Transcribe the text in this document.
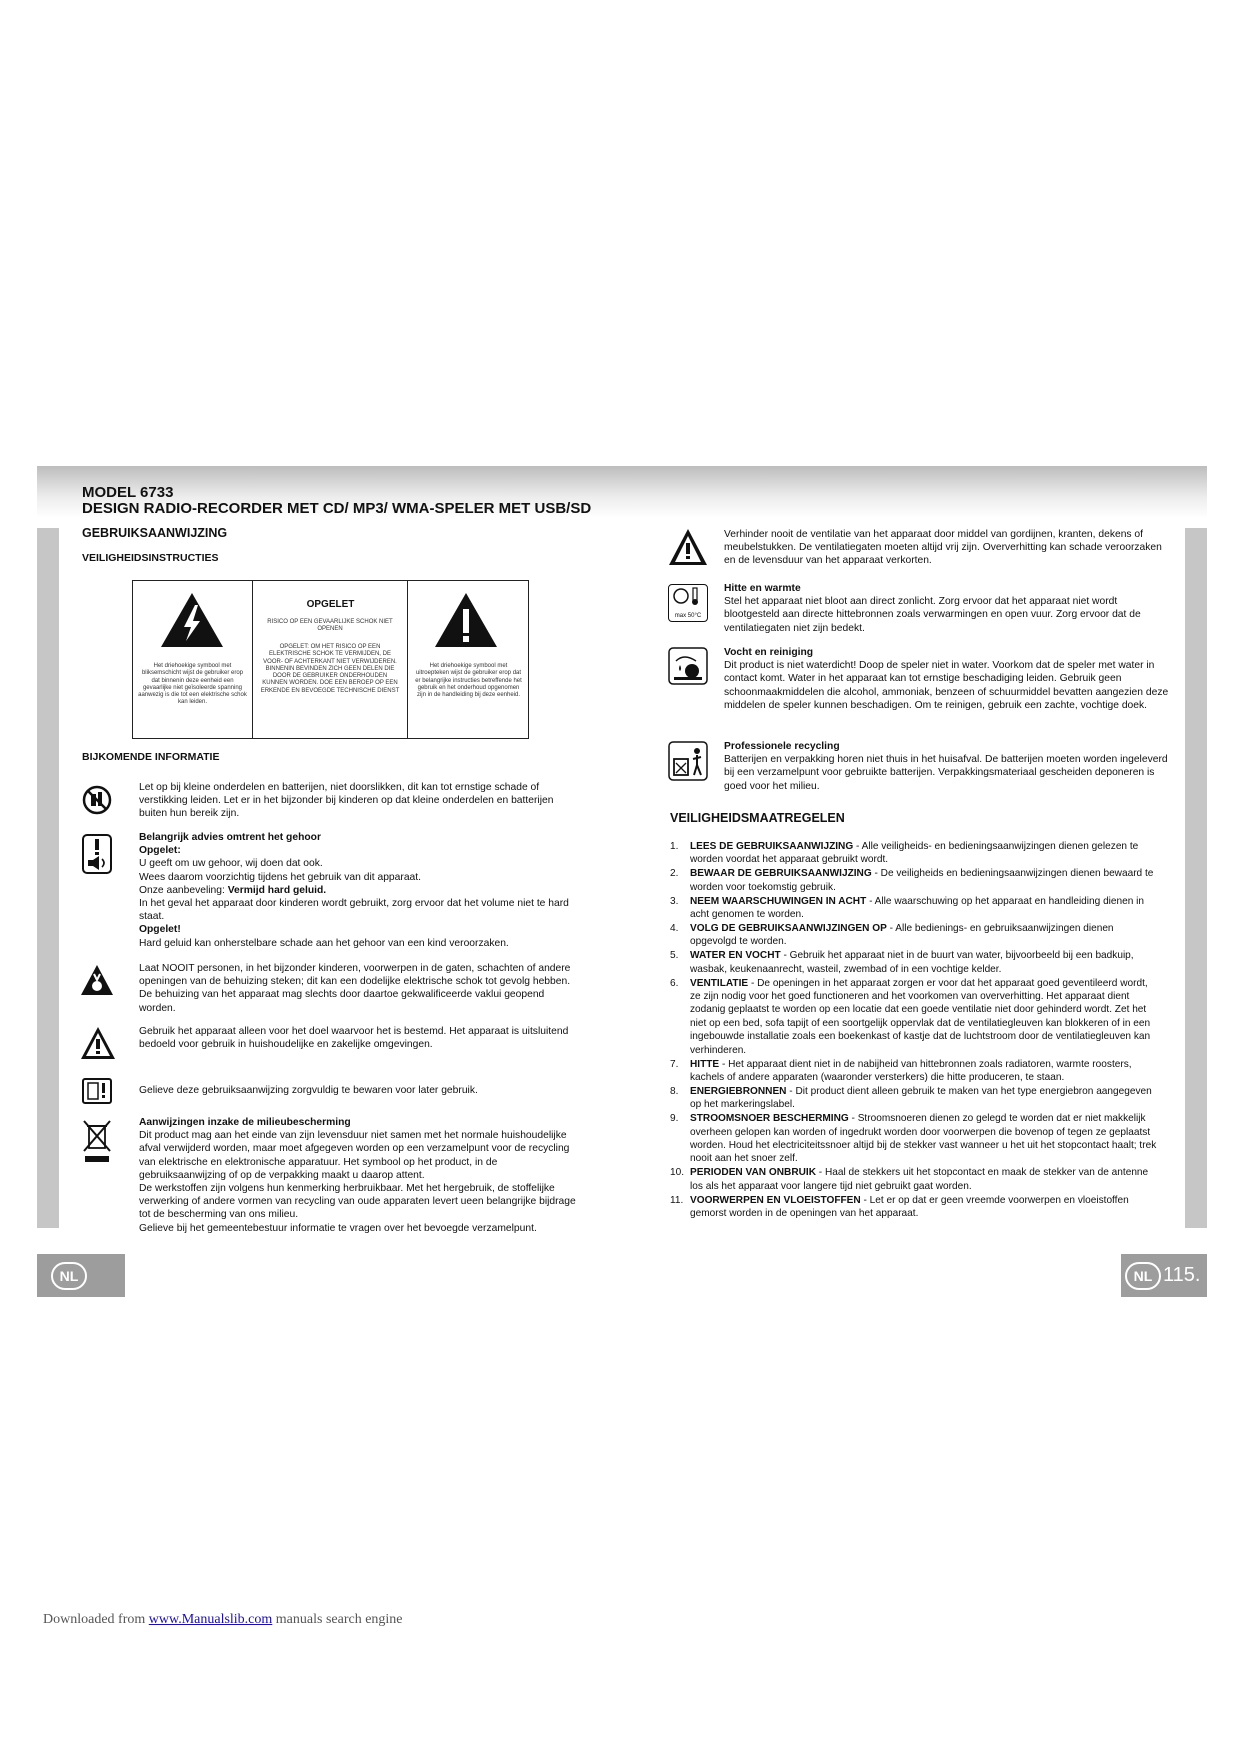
NL	NL 115.
MODEL 6733
DESIGN RADIO-RECORDER MET CD/ MP3/ WMA-SPELER MET USB/SD
GEBRUIKSAANWIJZING
VEILIGHEIDSINSTRUCTIES
Het driehoekige symbool met bliksemschicht wijst de gebruiker erop dat binnenin deze eenheid een gevaarlijke niet geïsoleerde spanning aanwezig is die tot een elektrische schok kan leiden.
OPGELET
RISICO OP EEN GEVAARLIJKE SCHOK NIET OPENEN
OPGELET: OM HET RISICO OP EEN ELEKTRISCHE SCHOK TE VERMIJDEN, DE VOOR- OF ACHTERKANT NIET VERWIJDEREN. BINNENIN BEVINDEN ZICH GEEN DELEN DIE DOOR DE GEBRUIKER ONDERHOUDEN KUNNEN WORDEN. DOE EEN BEROEP OP EEN ERKENDE EN BEVOEGDE TECHNISCHE DIENST
Het driehoekige symbool met uitroepteken wijst de gebruiker erop dat er belangrijke instructies betreffende het gebruik en het onderhoud opgenomen zijn in de handleiding bij deze eenheid.
BIJKOMENDE INFORMATIE
Let op bij kleine onderdelen en batterijen, niet doorslikken, dit kan tot ernstige schade of verstikking leiden. Let er in het bijzonder bij kinderen op dat kleine onderdelen en batterijen buiten hun bereik zijn.
Belangrijk advies omtrent het gehoor
Opgelet:
U geeft om uw gehoor, wij doen dat ook.
Wees daarom voorzichtig tijdens het gebruik van dit apparaat.
Onze aanbeveling: Vermijd hard geluid.
In het geval het apparaat door kinderen wordt gebruikt, zorg ervoor dat het volume niet te hard staat.
Opgelet!
Hard geluid kan onherstelbare schade aan het gehoor van een kind veroorzaken.
Laat NOOIT personen, in het bijzonder kinderen, voorwerpen in de gaten, schachten of andere openingen van de behuizing steken; dit kan een dodelijke elektrische schok tot gevolg hebben. De behuizing van het apparaat mag slechts door daartoe gekwalificeerde vaklui geopend worden.
Gebruik het apparaat alleen voor het doel waarvoor het is bestemd. Het apparaat is uitsluitend bedoeld voor gebruik in huishoudelijke en zakelijke omgevingen.
Gelieve deze gebruiksaanwijzing zorgvuldig te bewaren voor later gebruik.
Aanwijzingen inzake de milieubescherming
Dit product mag aan het einde van zijn levensduur niet samen met het normale huishoudelijke afval verwijderd worden, maar moet afgegeven worden op een verzamelpunt voor de recycling van elektrische en elektronische apparatuur. Het symbool op het product, in de gebruiksaanwijzing of op de verpakking maakt u daarop attent.
De werkstoffen zijn volgens hun kenmerking herbruikbaar. Met het hergebruik, de stoffelijke verwerking of andere vormen van recycling van oude apparaten levert ueen belangrijke bijdrage tot de bescherming van ons milieu.
Gelieve bij het gemeentebestuur informatie te vragen over het bevoegde verzamelpunt.
Verhinder nooit de ventilatie van het apparaat door middel van gordijnen, kranten, dekens of meubelstukken. De ventilatiegaten moeten altijd vrij zijn. Oververhitting kan schade veroorzaken en de levensduur van het apparaat verkorten.
max 50°C
Hitte en warmte
Stel het apparaat niet bloot aan direct zonlicht. Zorg ervoor dat het apparaat niet wordt blootgesteld aan directe hittebronnen zoals verwarmingen en open vuur. Zorg ervoor dat de ventilatiegaten niet zijn bedekt.
Vocht en reiniging
Dit product is niet waterdicht! Doop de speler niet in water. Voorkom dat de speler met water in contact komt. Water in het apparaat kan tot ernstige beschadiging leiden. Gebruik geen schoonmaakmiddelen die alcohol, ammoniak, benzeen of schuurmiddel bevatten aangezien deze middelen de speler kunnen beschadigen. Om te reinigen, gebruik een zachte, vochtige doek.
Professionele recycling
Batterijen en verpakking horen niet thuis in het huisafval. De batterijen moeten worden ingeleverd bij een verzamelpunt voor gebruikte batterijen. Verpakkingsmateriaal gescheiden deponeren is goed voor het milieu.
VEILIGHEIDSMAATREGELEN
1. LEES DE GEBRUIKSAANWIJZING - Alle veiligheids- en bedieningsaanwijzingen dienen gelezen te worden voordat het apparaat gebruikt wordt.
2. BEWAAR DE GEBRUIKSAANWIJZING - De veiligheids en bedieningsaanwijzingen dienen bewaard te worden voor toekomstig gebruik.
3. NEEM WAARSCHUWINGEN IN ACHT - Alle waarschuwing op het apparaat en handleiding dienen in acht genomen te worden.
4. VOLG DE GEBRUIKSAANWIJZINGEN OP - Alle bedienings- en gebruiksaanwijzingen dienen opgevolgd te worden.
5. WATER EN VOCHT - Gebruik het apparaat niet in de buurt van water, bijvoorbeeld bij een badkuip, wasbak, keukenaanrecht, wasteil, zwembad of in een vochtige kelder.
6. VENTILATIE - De openingen in het apparaat zorgen er voor dat het apparaat goed geventileerd wordt, ze zijn nodig voor het goed functioneren and het voorkomen van oververhitting. Het apparaat dient zodanig geplaatst te worden op een locatie dat een goede ventilatie niet door gehinderd wordt. Zet het niet op een bed, sofa tapijt of een soortgelijk oppervlak dat de ventilatiegleuven kan blokkeren of in een ingebouwde installatie zoals een boekenkast of kastje dat de luchtstroom door de ventilatiegleuven kan verhinderen.
7. HITTE - Het apparaat dient niet in de nabijheid van hittebronnen zoals radiatoren, warmte roosters, kachels of andere apparaten (waaronder versterkers) die hitte produceren, te staan.
8. ENERGIEBRONNEN - Dit product dient alleen gebruik te maken van het type energiebron aangegeven op het markeringslabel.
9. STROOMSNOER BESCHERMING - Stroomsnoeren dienen zo gelegd te worden dat er niet makkelijk overheen gelopen kan worden of ingedrukt worden door voorwerpen die bovenop of tegen ze geplaatst worden. Houd het electriciteitssnoer altijd bij de stekker vast wanneer u het uit het stopcontact haalt; trek nooit aan het snoer zelf.
10. PERIODEN VAN ONBRUIK - Haal de stekkers uit het stopcontact en maak de stekker van de antenne los als het apparaat voor langere tijd niet gebruikt gaat worden.
11. VOORWERPEN EN VLOEISTOFFEN - Let er op dat er geen vreemde voorwerpen en vloeistoffen gemorst worden in de openingen van het apparaat.
Downloaded from www.Manualslib.com manuals search engine
